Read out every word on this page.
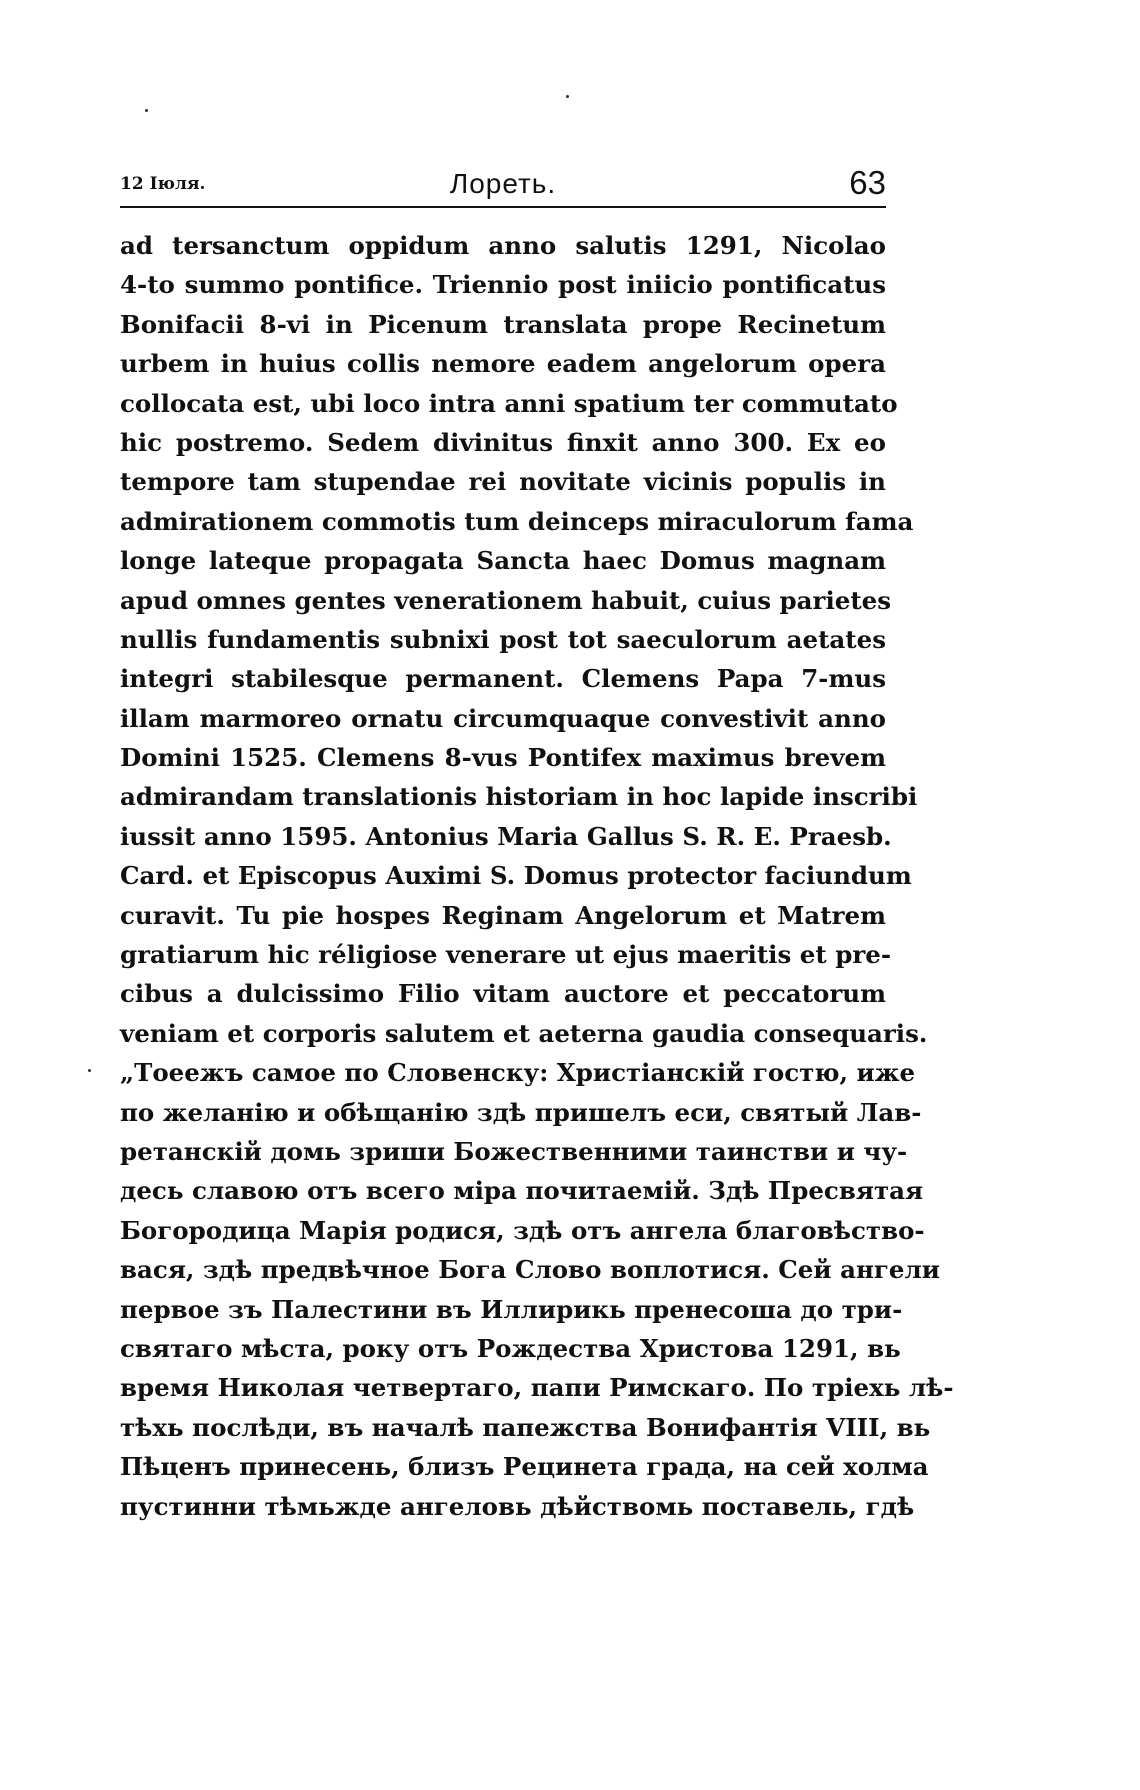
12 Іюля.	Лореть.	63
ad tersanctum oppidum anno salutis 1291, Nicolao
4-to summo pontifice. Triennio post iniicio pontificatus
Bonifacii 8-vi in Picenum translata prope Recinetum
urbem in huius collis nemore eadem angelorum opera
collocata est, ubi loco intra anni spatium ter commutato
hic postremo. Sedem divinitus finxit anno 300. Ex eo
tempore tam stupendae rei novitate vicinis populis in
admirationem commotis tum deinceps miraculorum fama
longe lateque propagata Sancta haec Domus magnam
apud omnes gentes venerationem habuit, cuius parietes
nullis fundamentis subnixi post tot saeculorum aetates
integri stabilesque permanent. Clemens Papa 7-mus
illam marmoreo ornatu circumquaque convestivit anno
Domini 1525. Clemens 8-vus Pontifex maximus brevem
admirandam translationis historiam in hoc lapide inscribi
iussit anno 1595. Antonius Maria Gallus S. R. E. Praesb.
Card. et Episcopus Auximi S. Domus protector faciundum
curavit. Tu pie hospes Reginam Angelorum et Matrem
gratiarum hic réligiose venerare ut ejus maeritis et pre-
cibus a dulcissimo Filio vitam auctore et peccatorum
veniam et corporis salutem et aeterna gaudia consequaris.
„Тоеежъ самое по Словенску: Христіанскій гостю, иже
по желанію и обѣщанію здѣ пришелъ еси, святый Лав-
ретанскій домь зриши Божественними таинстви и чу-
десь славою отъ всего міра почитаемій. Здѣ Пресвятая
Богородица Марія родися, здѣ отъ ангела благовѣство-
вася, здѣ предвѣчное Бога Слово воплотися. Сей ангели
первое зъ Палестини въ Иллирикь пренесоша до три-
святаго мѣста, року отъ Рождества Христова 1291, вь
время Николая четвертаго, папи Римскаго. По тріехь лѣ-
тѣхь послѣди, въ началѣ папежства Вонифантія VIII, вь
Пѣценъ принесень, близъ Рецинета града, на сей холма
пустинни тѣмьжде ангеловь дѣйствомь поставель, гдѣ
